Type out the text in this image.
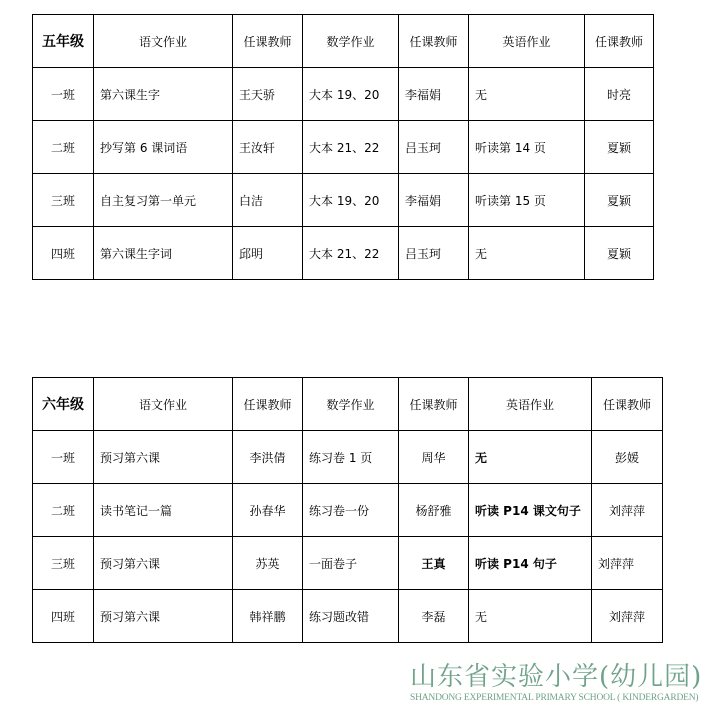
五年级	语文作业	任课教师	数学作业	任课教师	英语作业	任课教师
一班	第六课生字	王天骄	大本 19、20	李福娟	无	时亮
二班	抄写第 6 课词语	王汝轩	大本 21、22	吕玉珂	听读第 14 页	夏颖
三班	自主复习第一单元	白洁	大本 19、20	李福娟	听读第 15 页	夏颖
四班	第六课生字词	邱明	大本 21、22	吕玉珂	无	夏颖
六年级	语文作业	任课教师	数学作业	任课教师	英语作业	任课教师
一班	预习第六课	李洪倩	练习卷 1 页	周华	无	彭媛
二班	读书笔记一篇	孙春华	练习卷一份	杨舒雅	听读 P14 课文句子	刘萍萍
三班	预习第六课	苏英	一面卷子	王真	听读 P14 句子	刘萍萍
四班	预习第六课	韩祥鹏	练习题改错	李磊	无	刘萍萍
山东省实验小学(幼儿园)
SHANDONG EXPERIMENTAL PRIMARY SCHOOL ( KINDERGARDEN)
